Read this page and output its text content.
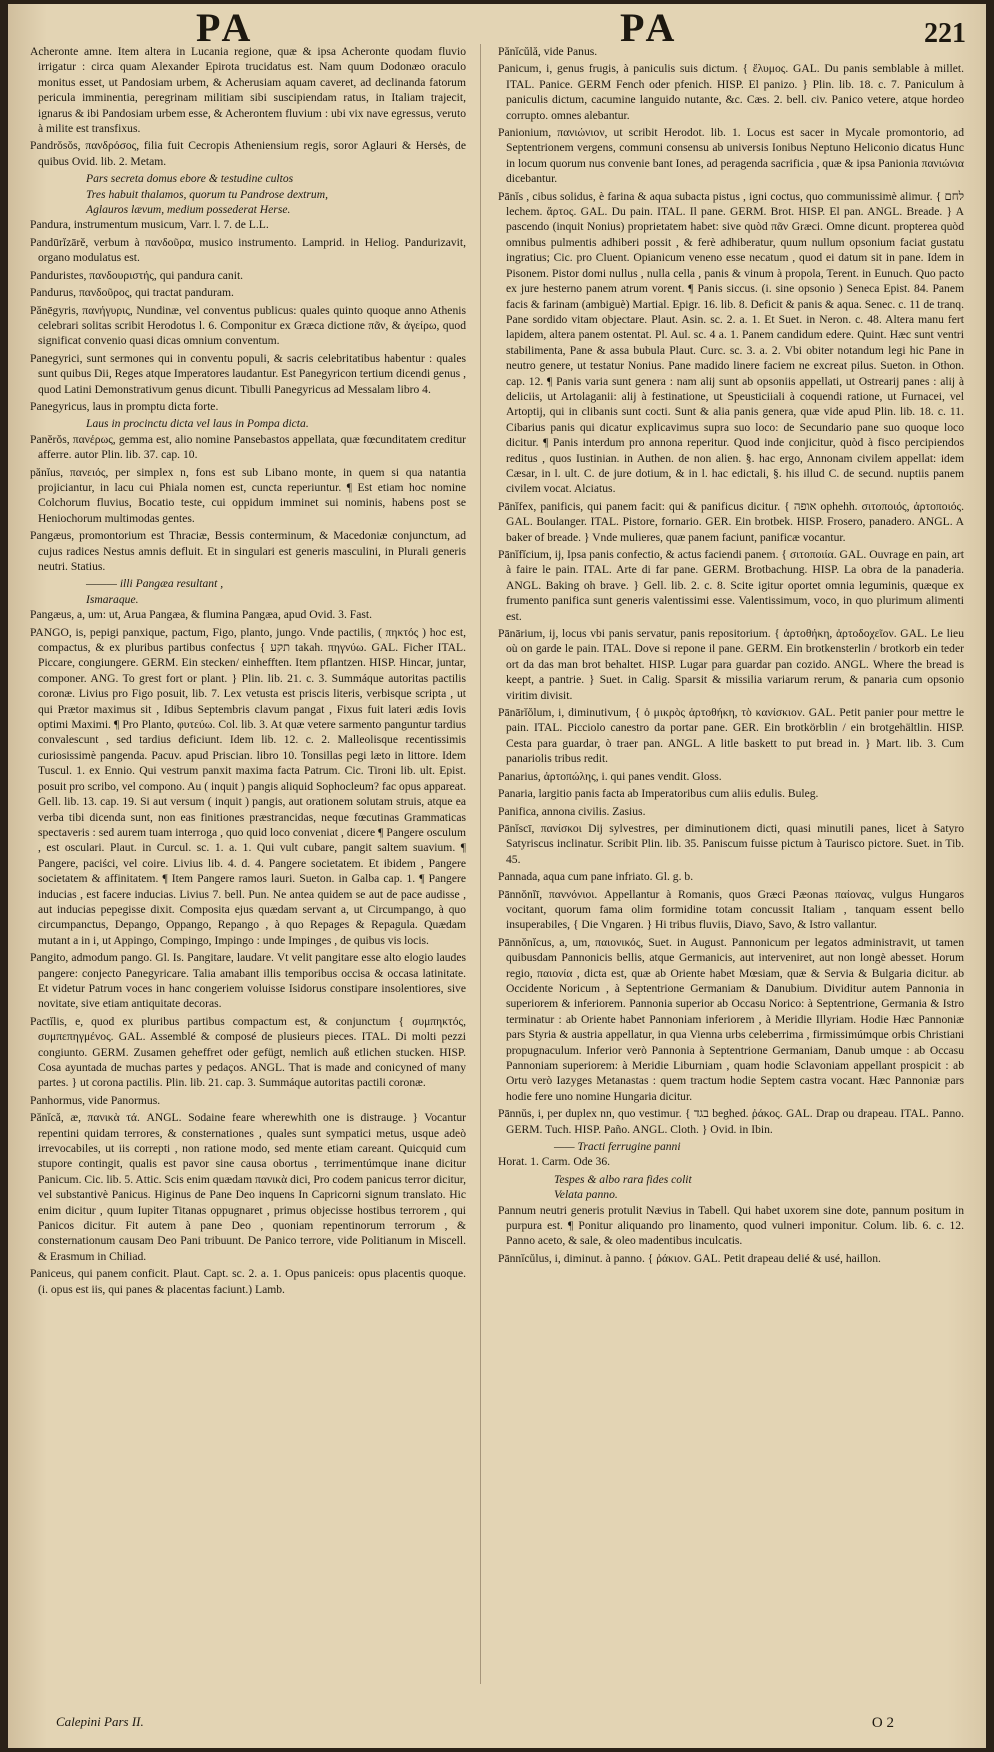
PA	PA	221

Acheronte amne. Item altera in Lucania regione, quæ & ipsa Acheronte quodam fluvio irrigatur : circa quam Alexander Epirota trucidatus est. Nam quum Dodonæo oraculo monitus esset, ut Pandosiam urbem, & Acherusiam aquam caveret, ad declinanda fatorum pericula imminentia, peregrinam militiam sibi suscipiendam ratus, in Italiam trajecit, ignarus & ibi Pandosiam urbem esse, & Acherontem fluvium : ubi vix nave egressus, veruto à milite est transfixus.

Pandrŏsŏs, πανδρόσος, filia fuit Cecropis Atheniensium regis, soror Aglauri & Hersės, de quibus Ovid. lib. 2. Metam.

Pars secreta domus ebore & testudine cultos

Tres habuit thalamos, quorum tu Pandrose dextrum,

Aglauros lævum, medium possederat Herse.

Pandura, instrumentum musicum, Varr. l. 7. de L.L.

Pandūrĭzārĕ, verbum à πανδοῦρα, musico instrumento. Lamprid. in Heliog. Pandurizavit, organo modulatus est.

Panduristes, πανδουριστής, qui pandura canit.

Pandurus, πανδοῦρος, qui tractat panduram.

Pănēgyris, πανήγυρις, Nundinæ, vel conventus publicus: quales quinto quoque anno Athenis celebrari solitas scribit Herodotus l. 6. Componitur ex Græca dictione πᾶν, & ἀγείρω, quod significat convenio quasi dicas omnium conventum.

Panegyrici, sunt sermones qui in conventu populi, & sacris celebritatibus habentur : quales sunt quibus Dii, Reges atque Imperatores laudantur. Est Panegyricon tertium dicendi genus , quod Latini Demonstrativum genus dicunt. Tibulli Panegyricus ad Messalam libro 4.

Panegyricus, laus in promptu dicta forte.

Laus in procinctu dicta vel laus in Pompa dicta.

Panĕrŏs, πανέρως, gemma est, alio nomine Pansebastos appellata, quæ fœcunditatem creditur afferre. autor Plin. lib. 37. cap. 10.

pănĭus, πανειός, per simplex n, fons est sub Libano monte, in quem si qua natantia projiciantur, in lacu cui Phiala nomen est, cuncta reperiuntur. ¶ Est etiam hoc nomine Colchorum fluvius, Bocatio teste, cui oppidum imminet sui nominis, habens post se Heniochorum multimodas gentes.

Pangæus, promontorium est Thraciæ, Bessis conterminum, & Macedoniæ conjunctum, ad cujus radices Nestus amnis defluit. Et in singulari est generis masculini, in Plurali generis neutri. Statius.

——— illi Pangæa resultant ,

Ismaraque.

Pangæus, a, um: ut, Arua Pangæa, & flumina Pangæa, apud Ovid. 3. Fast.

PANGO, is, pepigi panxique, pactum, Figo, planto, jungo. Vnde pactilis, ( πηκτός ) hoc est, compactus, & ex pluribus partibus confectus { תקע takah. πηγνύω. GAL. Ficher ITAL. Piccare, congiungere. GERM. Ein stecken/ einhefften. Item pflantzen. HISP. Hincar, juntar, componer. ANG. To grest fort or plant. } Plin. lib. 21. c. 3. Summáque autoritas pactilis coronæ. Livius pro Figo posuit, lib. 7. Lex vetusta est priscis literis, verbisque scripta , ut qui Prætor maximus sit , Idibus Septembris clavum pangat , Fixus fuit lateri ædis Iovis optimi Maximi. ¶ Pro Planto, φυτεύω. Col. lib. 3. At quæ vetere sarmento panguntur tardius convalescunt , sed tardius deficiunt. Idem lib. 12. c. 2. Malleolisque recentissimis curiosissimè pangenda. Pacuv. apud Priscian. libro 10. Tonsillas pegi læto in littore. Idem Tuscul. 1. ex Ennio. Qui vestrum panxit maxima facta Patrum. Cic. Tironi lib. ult. Epist. posuit pro scribo, vel compono. Au ( inquit ) pangis aliquid Sophocleum? fac opus appareat. Gell. lib. 13. cap. 19. Si aut versum ( inquit ) pangis, aut orationem solutam struis, atque ea verba tibi dicenda sunt, non eas finitiones præstrancidas, neque fœcutinas Grammaticas spectaveris : sed aurem tuam interroga , quo quid loco conveniat , dicere ¶ Pangere osculum , est osculari. Plaut. in Curcul. sc. 1. a. 1. Qui vult cubare, pangit saltem suavium. ¶ Pangere, paciści, vel coire. Livius lib. 4. d. 4. Pangere societatem. Et ibidem , Pangere societatem & affinitatem. ¶ Item Pangere ramos lauri. Sueton. in Galba cap. 1. ¶ Pangere inducias , est facere inducias. Livius 7. bell. Pun. Ne antea quidem se aut de pace audisse , aut inducias pepegisse dixit. Composita ejus quædam servant a, ut Circumpango, à quo circumpanctus, Depango, Oppango, Repango , à quo Repages & Repagula. Quædam mutant a in i, ut Appingo, Compingo, Impingo : unde Impinges , de quibus vis locis.

Pangito, admodum pango. Gl. Is. Pangitare, laudare. Vt velit pangitare esse alto elogio laudes pangere: conjecto Panegyricare. Talia amabant illis temporibus occisa & occasa latinitate. Et videtur Patrum voces in hanc congeriem voluisse Isidorus constipare insolentiores, sive novitate, sive etiam antiquitate decoras.

Pactĭlis, e, quod ex pluribus partibus compactum est, & conjunctum { συμπηκτός, συμπεπηγμένος. GAL. Assemblé & composé de plusieurs pieces. ITAL. Di molti pezzi congiunto. GERM. Zusamen geheffret oder gefügt, nemlich auß etlichen stucken. HISP. Cosa ayuntada de muchas partes y pedaços. ANGL. That is made and conicyned of many partes. } ut corona pactilis. Plin. lib. 21. cap. 3. Summáque autoritas pactili coronæ.

Panhormus, vide Panormus.

Pănĭcă, æ, πανικὰ τά. ANGL. Sodaine feare wherewhith one is distrauge. } Vocantur repentini quidam terrores, & consternationes , quales sunt sympatici metus, usque adeò irrevocabiles, ut iis correpti , non ratione modo, sed mente etiam careant. Quicquid cum stupore contingit, qualis est pavor sine causa obortus , terrimentúmque inane dicitur Panicum. Cic. lib. 5. Attic. Scis enim quædam πανικὰ dici, Pro codem panicus terror dicitur, vel substantivè Panicus. Higinus de Pane Deo inquens In Capricorni signum translato. Hic enim dicitur , quum Iupiter Titanas oppugnaret , primus objecisse hostibus terrorem , qui Panicos dicitur. Fit autem à pane Deo , quoniam repentinorum terrorum , & consternationum causam Deo Pani tribuunt. De Panico terrore, vide Politianum in Miscell. & Erasmum in Chiliad.

Paniceus, qui panem conficit. Plaut. Capt. sc. 2. a. 1. Opus paniceis: opus placentis quoque. (i. opus est iis, qui panes & placentas faciunt.) Lamb.

Pănĭcŭlă, vide Panus.

Panicum, i, genus frugis, à paniculis suis dictum. { ἔλυμος. GAL. Du panis semblable à millet. ITAL. Panice. GERM Fench oder pfenich. HISP. El panizo. } Plin. lib. 18. c. 7. Paniculum à paniculis dictum, cacumine languido nutante, &c. Cæs. 2. bell. civ. Panico vetere, atque hordeo corrupto. omnes alebantur.

Panionium, πανιώνιον, ut scribit Herodot. lib. 1. Locus est sacer in Mycale promontorio, ad Septentrionem vergens, communi consensu ab universis Ionibus Neptuno Heliconio dicatus Hunc in locum quorum nus convenie bant Iones, ad peragenda sacrificia , quæ & ipsa Panionia πανιώνια dicebantur.

Pānĭs , cibus solidus, è farina & aqua subacta pistus , igni coctus, quo communissimè alimur. { לחם lechem. ἄρτος. GAL. Du pain. ITAL. Il pane. GERM. Brot. HISP. El pan. ANGL. Breade. } A pascendo (inquit Nonius) proprietatem habet: sive quòd πᾶν Græci. Omne dicunt. propterea quòd omnibus pulmentis adhiberi possit , & ferè adhiberatur, quum nullum opsonium faciat gustatu ingratius; Cic. pro Cluent. Opianicum veneno esse necatum , quod ei datum sit in pane. Idem in Pisonem. Pistor domi nullus , nulla cella , panis & vinum à propola, Terent. in Eunuch. Quo pacto ex jure hesterno panem atrum vorent. ¶ Panis siccus. (i. sine opsonio ) Seneca Epist. 84. Panem facis & farinam (ambiguè) Martial. Epigr. 16. lib. 8. Deficit & panis & aqua. Senec. c. 11 de tranq. Pane sordido vitam objectare. Plaut. Asin. sc. 2. a. 1. Et Suet. in Neron. c. 48. Altera manu fert lapidem, altera panem ostentat. Pl. Aul. sc. 4 a. 1. Panem candidum edere. Quint. Hæc sunt ventri stabilimenta, Pane & assa bubula Plaut. Curc. sc. 3. a. 2. Vbi obiter notandum legi hic Pane in neutro genere, ut testatur Nonius. Pane madido linere faciem ne excreat pilus. Sueton. in Othon. cap. 12. ¶ Panis varia sunt genera : nam alij sunt ab opsoniis appellati, ut Ostrearij panes : alij à deliciis, ut Artolaganii: alij à festinatione, ut Speusticiiali à coquendi ratione, ut Furnacei, vel Artoptij, qui in clibanis sunt cocti. Sunt & alia panis genera, quæ vide apud Plin. lib. 18. c. 11. Cibarius panis qui dicatur explicavimus supra suo loco: de Secundario pane suo quoque loco dicitur. ¶ Panis interdum pro annona reperitur. Quod inde conjicitur, quòd à fisco percipiendos reditus , quos Iustinian. in Authen. de non alien. §. hac ergo, Annonam civilem appellat: idem Cæsar, in l. ult. C. de jure dotium, & in l. hac edictali, §. his illud C. de secund. nuptiis panem civilem vocat. Alciatus.

Pānĭfex, panificis, qui panem facit: qui & panificus dicitur. { אופה ophehh. σιτοποιός, ἀρτοποιός. GAL. Boulanger. ITAL. Pistore, fornario. GER. Ein brotbek. HISP. Frosero, panadero. ANGL. A baker of breade. } Vnde mulieres, quæ panem faciunt, panificæ vocantur.

Pānĭfĭcium, ij, Ipsa panis confectio, & actus faciendi panem. { σιτοποιία. GAL. Ouvrage en pain, art à faire le pain. ITAL. Arte di far pane. GERM. Brotbachung. HISP. La obra de la panaderia. ANGL. Baking oh brave. } Gell. lib. 2. c. 8. Scite igitur oportet omnia leguminis, quæque ex frumento panifica sunt generis valentissimi esse. Valentissimum, voco, in quo plurimum alimenti est.

Pānārium, ij, locus vbi panis servatur, panis repositorium. { ἀρτοθήκη, ἀρτοδοχεῖον. GAL. Le lieu où on garde le pain. ITAL. Dove si repone il pane. GERM. Ein brotkensterlin / brotkorb ein teder ort da das man brot behaltet. HISP. Lugar para guardar pan cozido. ANGL. Where the bread is keept, a pantrie. } Suet. in Calig. Sparsit & missilia variarum rerum, & panaria cum opsonio viritim divisit.

Pānārĭŏlum, i, diminutivum, { ὁ μικρὸς ἀρτοθήκη, τὸ κανίσκιον. GAL. Petit panier pour mettre le pain. ITAL. Picciolo canestro da portar pane. GER. Ein brotkörblin / ein brotgehältlin. HISP. Cesta para guardar, ò traer pan. ANGL. A litle baskett to put bread in. } Mart. lib. 3. Cum panariolis tribus redit.

Panarius, ἀρτοπώλης, i. qui panes vendit. Gloss.

Panaria, largitio panis facta ab Imperatoribus cum aliis edulis. Buleg.

Panifica, annona civilis. Zasius.

Pānĭscī, πανίσκοι Dij sylvestres, per diminutionem dicti, quasi minutili panes, licet à Satyro Satyriscus inclinatur. Scribit Plin. lib. 35. Paniscum fuisse pictum à Taurisco pictore. Suet. in Tib. 45.

Pannada, aqua cum pane infriato. Gl. g. b.

Pānnŏnĭī, παννόνιοι. Appellantur à Romanis, quos Græci Pæonas παίονας, vulgus Hungaros vocitant, quorum fama olim formidine totam concussit Italiam , tanquam essent bello insuperabiles, { Die Vngaren. } Hi tribus fluviis, Diavo, Savo, & Istro vallantur.

Pānnŏnĭcus, a, um, παιονικός, Suet. in August. Pannonicum per legatos administravit, ut tamen quibusdam Pannonicis bellis, atque Germanicis, aut interveniret, aut non longè abesset. Horum regio, παιονία , dicta est, quæ ab Oriente habet Mœsiam, quæ & Servia & Bulgaria dicitur. ab Occidente Noricum , à Septentrione Germaniam & Danubium. Dividitur autem Pannonia in superiorem & inferiorem. Pannonia superior ab Occasu Norico: à Septentrione, Germania & Istro terminatur : ab Oriente habet Pannoniam inferiorem , à Meridie Illyriam. Hodie Hæc Pannoniæ pars Styria & austria appellatur, in qua Vienna urbs celeberrima , firmissimúmque orbis Christiani propugnaculum. Inferior verò Pannonia à Septentrione Germaniam, Danub umque : ab Occasu Pannoniam superiorem: à Meridie Liburniam , quam hodie Sclavoniam appellant prospicit : ab Ortu verò Iazyges Metanastas : quem tractum hodie Septem castra vocant. Hæc Pannoniæ pars hodie fere uno nomine Hungaria dicitur.

Pānnŭs, i, per duplex nn, quo vestimur. { בגד beghed. ῥάκος. GAL. Drap ou drapeau. ITAL. Panno. GERM. Tuch. HISP. Paño. ANGL. Cloth. } Ovid. in Ibin.

—— Tracti ferrugine panni

Horat. 1. Carm. Ode 36.

Tespes & albo rara fides colit

Velata panno.

Pannum neutri generis protulit Nævius in Tabell. Qui habet uxorem sine dote, pannum positum in purpura est. ¶ Ponitur aliquando pro linamento, quod vulneri imponitur. Colum. lib. 6. c. 12. Panno aceto, & sale, & oleo madentibus inculcatis.

Pānnĭcŭlus, i, diminut. à panno. { ῥάκιον. GAL. Petit drapeau delié & usé, haillon.

Calepini Pars II.	O 2
